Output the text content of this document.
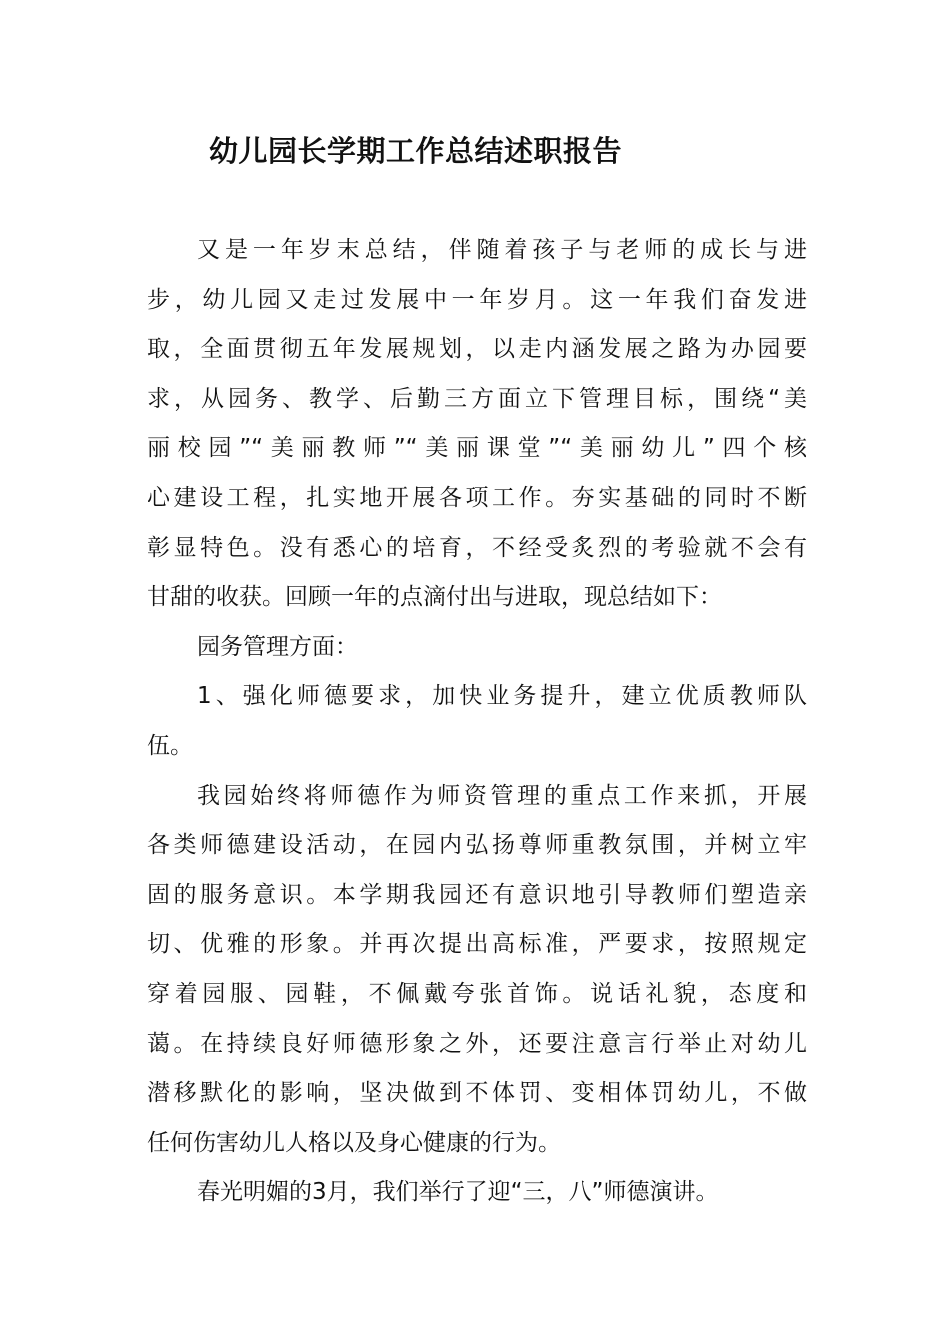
幼儿园长学期工作总结述职报告
又是一年岁末总结，伴随着孩子与老师的成长与进
步，幼儿园又走过发展中一年岁月。这一年我们奋发进
取，全面贯彻五年发展规划，以走内涵发展之路为办园要
求，从园务、教学、后勤三方面立下管理目标，围绕“美
丽校园”“美丽教师”“美丽课堂”“美丽幼儿”四个核
心建设工程，扎实地开展各项工作。夯实基础的同时不断
彰显特色。没有悉心的培育，不经受炙烈的考验就不会有
甘甜的收获。回顾一年的点滴付出与进取，现总结如下：
园务管理方面：
1、强化师德要求，加快业务提升，建立优质教师队
伍。
我园始终将师德作为师资管理的重点工作来抓，开展
各类师德建设活动，在园内弘扬尊师重教氛围，并树立牢
固的服务意识。本学期我园还有意识地引导教师们塑造亲
切、优雅的形象。并再次提出高标准，严要求，按照规定
穿着园服、园鞋，不佩戴夸张首饰。说话礼貌，态度和
蔼。在持续良好师德形象之外，还要注意言行举止对幼儿
潜移默化的影响，坚决做到不体罚、变相体罚幼儿，不做
任何伤害幼儿人格以及身心健康的行为。
春光明媚的3月，我们举行了迎“三，八”师德演讲。
